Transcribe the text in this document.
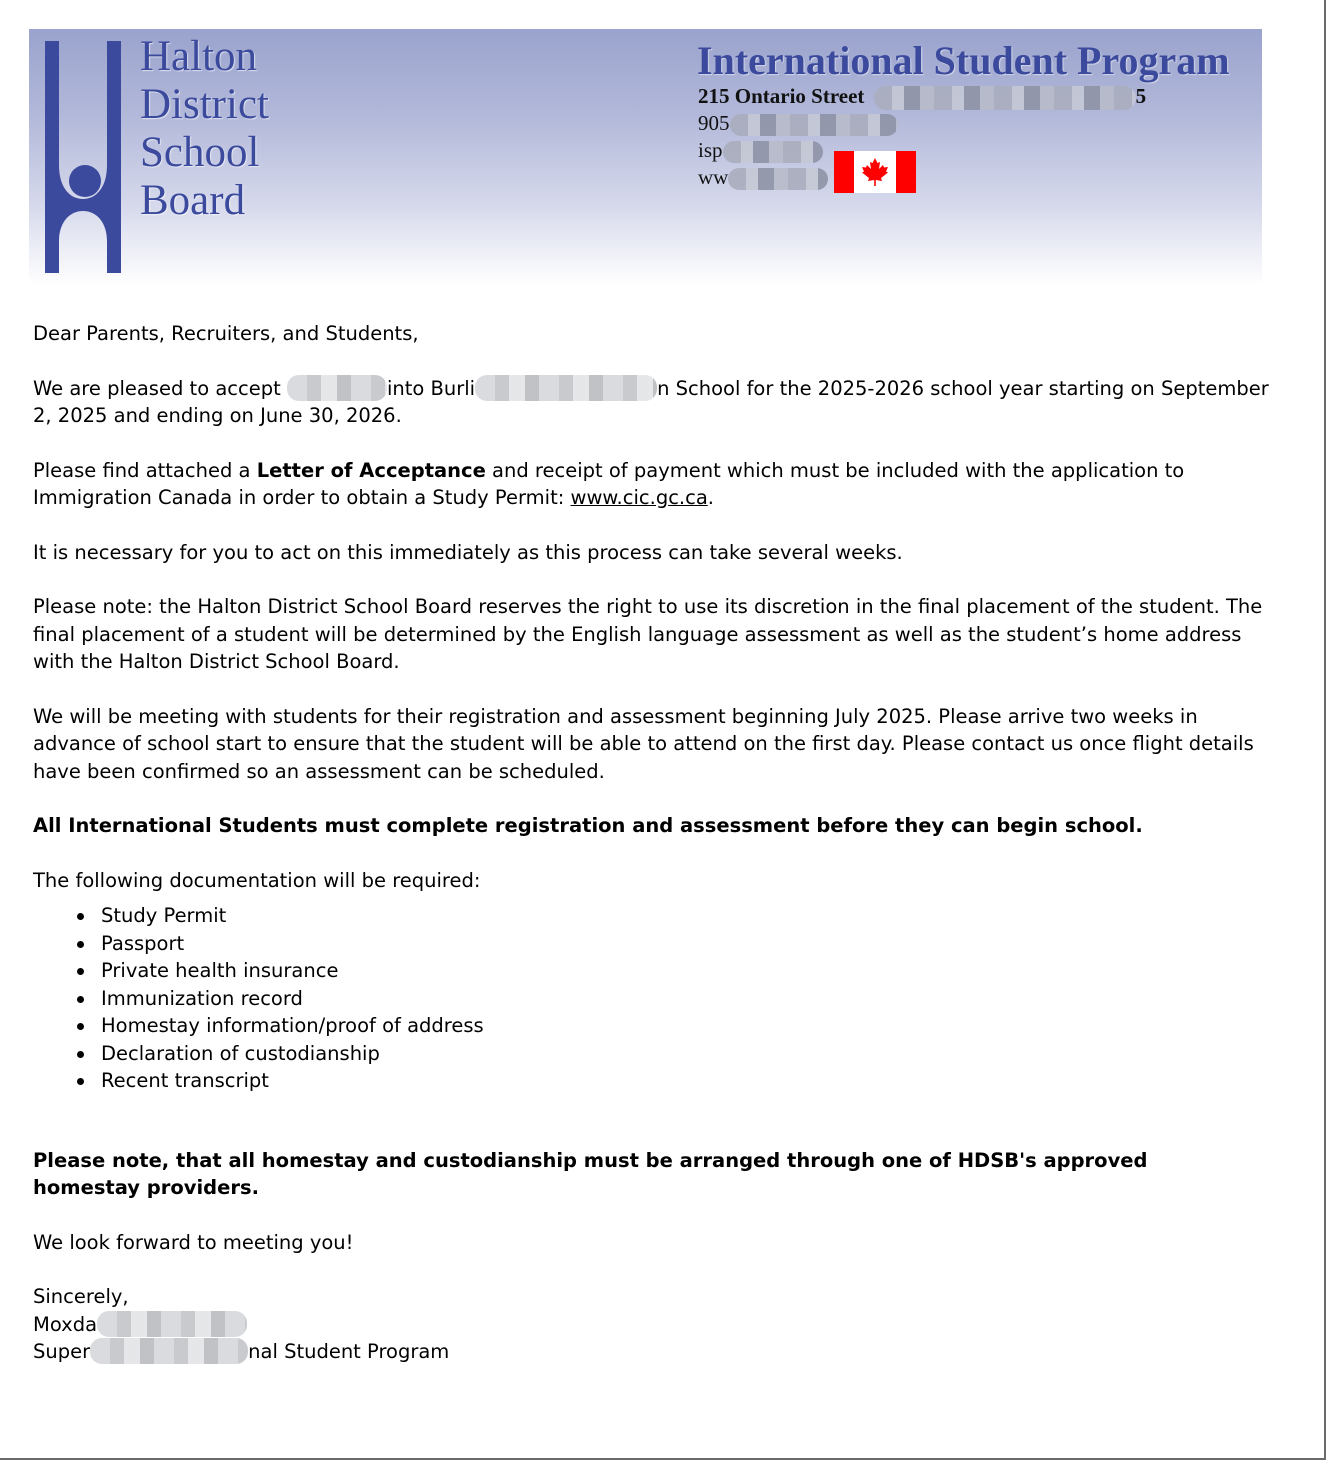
Halton
District
School
Board
International Student Program
215 Ontario Street	5
905
isp
ww

Dear Parents, Recruiters, and Students,

We are pleased to accept	into Burli	n School for the 2025-2026 school year starting on September 2, 2025 and ending on June 30, 2026.

Please find attached a Letter of Acceptance and receipt of payment which must be included with the application to Immigration Canada in order to obtain a Study Permit: www.cic.gc.ca.

It is necessary for you to act on this immediately as this process can take several weeks.

Please note: the Halton District School Board reserves the right to use its discretion in the final placement of the student. The final placement of a student will be determined by the English language assessment as well as the student’s home address with the Halton District School Board.

We will be meeting with students for their registration and assessment beginning July 2025. Please arrive two weeks in advance of school start to ensure that the student will be able to attend on the first day. Please contact us once flight details have been confirmed so an assessment can be scheduled.

All International Students must complete registration and assessment before they can begin school.

The following documentation will be required:

Study Permit
Passport
Private health insurance
Immunization record
Homestay information/proof of address
Declaration of custodianship
Recent transcript

Please note, that all homestay and custodianship must be arranged through one of HDSB's approved homestay providers.

We look forward to meeting you!

Sincerely,
Moxda
Super	nal Student Program
